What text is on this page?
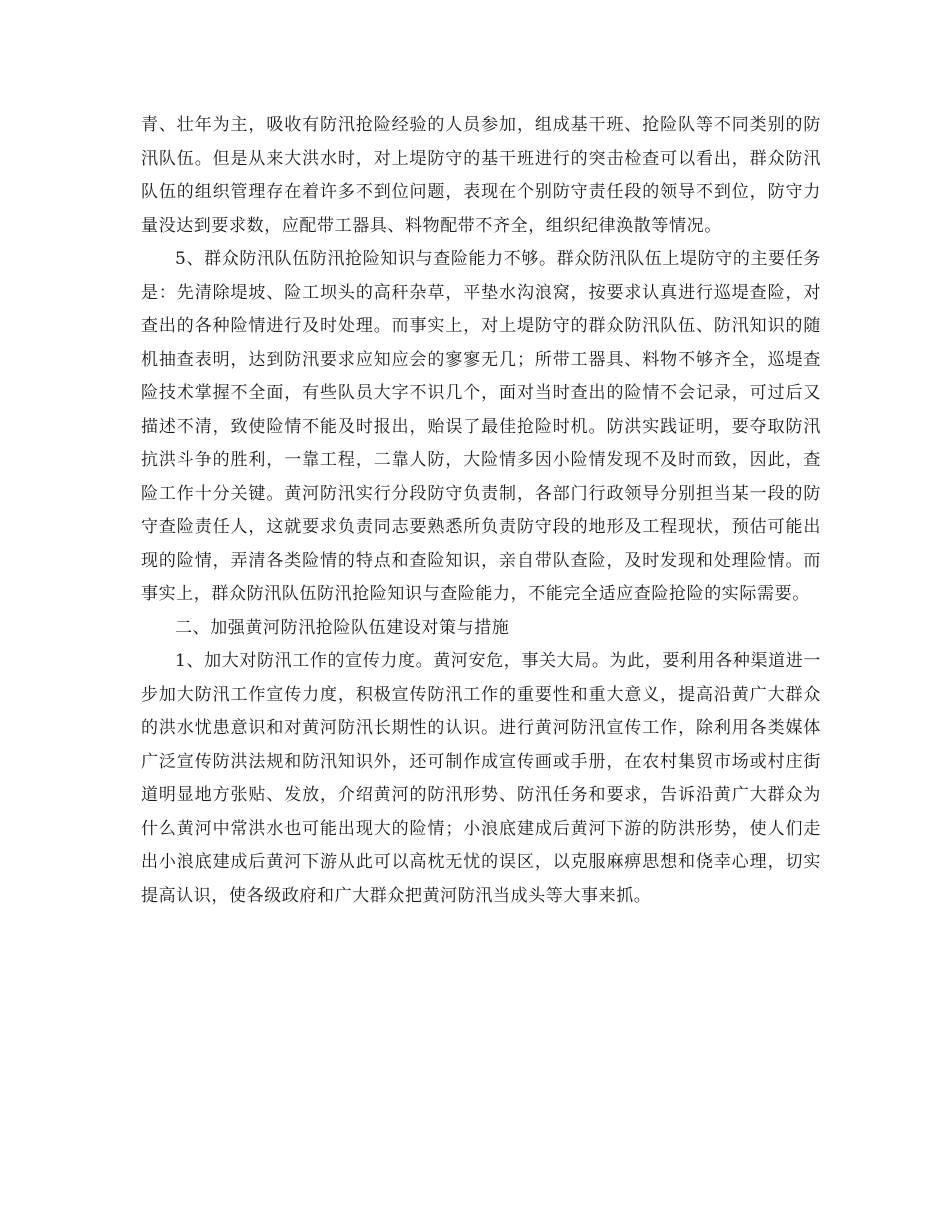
青、壮年为主，吸收有防汛抢险经验的人员参加，组成基干班、抢险队等不同类别的防汛队伍。但是从来大洪水时，对上堤防守的基干班进行的突击检查可以看出，群众防汛队伍的组织管理存在着许多不到位问题，表现在个别防守责任段的领导不到位，防守力量没达到要求数，应配带工器具、料物配带不齐全，组织纪律涣散等情况。

5、群众防汛队伍防汛抢险知识与查险能力不够。群众防汛队伍上堤防守的主要任务是：先清除堤坡、险工坝头的高秆杂草，平垫水沟浪窝，按要求认真进行巡堤查险，对查出的各种险情进行及时处理。而事实上，对上堤防守的群众防汛队伍、防汛知识的随机抽查表明，达到防汛要求应知应会的寥寥无几；所带工器具、料物不够齐全，巡堤查险技术掌握不全面，有些队员大字不识几个，面对当时查出的险情不会记录，可过后又描述不清，致使险情不能及时报出，贻误了最佳抢险时机。防洪实践证明，要夺取防汛抗洪斗争的胜利，一靠工程，二靠人防，大险情多因小险情发现不及时而致，因此，查险工作十分关键。黄河防汛实行分段防守负责制，各部门行政领导分别担当某一段的防守查险责任人，这就要求负责同志要熟悉所负责防守段的地形及工程现状，预估可能出现的险情，弄清各类险情的特点和查险知识，亲自带队查险，及时发现和处理险情。而事实上，群众防汛队伍防汛抢险知识与查险能力，不能完全适应查险抢险的实际需要。

二、加强黄河防汛抢险队伍建设对策与措施

1、加大对防汛工作的宣传力度。黄河安危，事关大局。为此，要利用各种渠道进一步加大防汛工作宣传力度，积极宣传防汛工作的重要性和重大意义，提高沿黄广大群众的洪水忧患意识和对黄河防汛长期性的认识。进行黄河防汛宣传工作，除利用各类媒体广泛宣传防洪法规和防汛知识外，还可制作成宣传画或手册，在农村集贸市场或村庄街道明显地方张贴、发放，介绍黄河的防汛形势、防汛任务和要求，告诉沿黄广大群众为什么黄河中常洪水也可能出现大的险情；小浪底建成后黄河下游的防洪形势，使人们走出小浪底建成后黄河下游从此可以高枕无忧的误区，以克服麻痹思想和侥幸心理，切实提高认识，使各级政府和广大群众把黄河防汛当成头等大事来抓。
